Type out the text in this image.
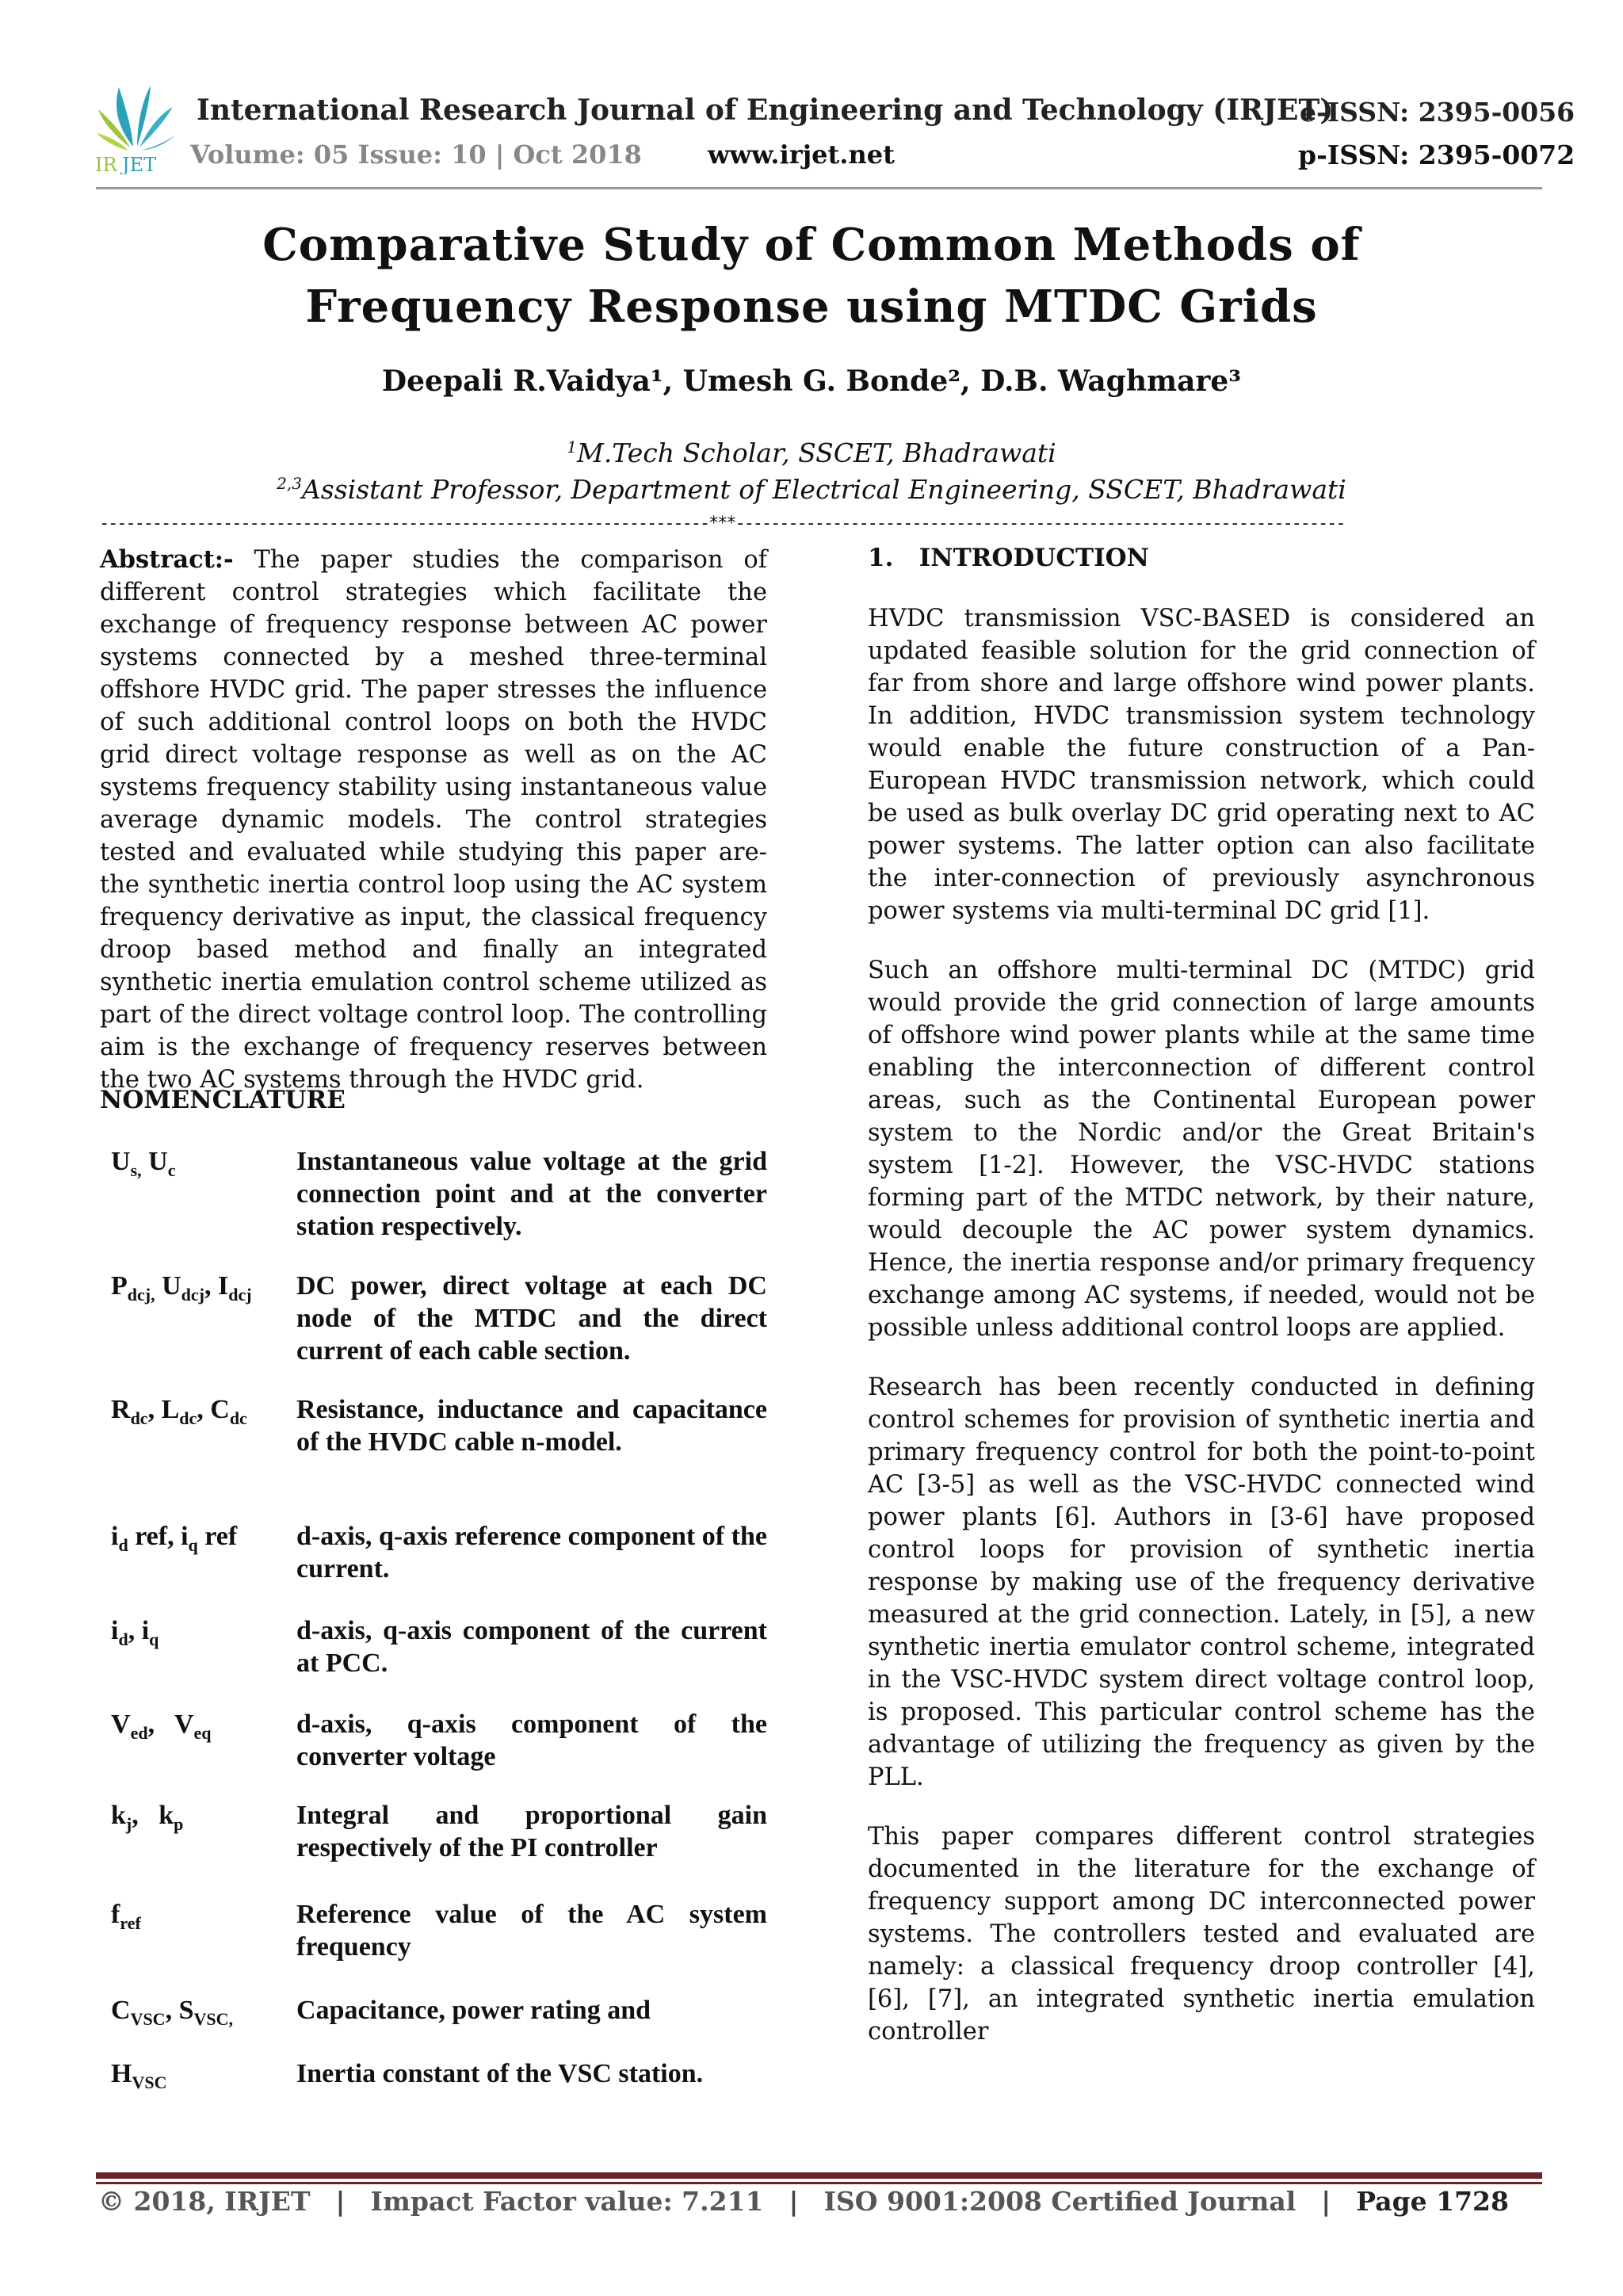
IR JET
International Research Journal of Engineering and Technology (IRJET)
e-ISSN: 2395-0056
Volume: 05 Issue: 10 | Oct 2018	www.irjet.net	p-ISSN: 2395-0072
Comparative Study of Common Methods of
Frequency Response using MTDC Grids
Deepali R.Vaidya¹, Umesh G. Bonde², D.B. Waghmare³
$^1$M.Tech Scholar, SSCET, Bhadrawati
$^{2,3}$Assistant Professor, Department of Electrical Engineering, SSCET, Bhadrawati
---------------------------------------------------------------------***---------------------------------------------------------------------

Abstract:- The paper studies the comparison of different control strategies which facilitate the exchange of frequency response between AC power systems connected by a meshed three-terminal offshore HVDC grid. The paper stresses the influence of such additional control loops on both the HVDC grid direct voltage response as well as on the AC systems frequency stability using instantaneous value average dynamic models. The control strategies tested and evaluated while studying this paper are- the synthetic inertia control loop using the AC system frequency derivative as input, the classical frequency droop based method and finally an integrated synthetic inertia emulation control scheme utilized as part of the direct voltage control loop. The controlling aim is the exchange of frequency reserves between the two AC systems through the HVDC grid.

NOMENCLATURE
$U_{s,}$ $U_c$	Instantaneous value voltage at the grid connection point and at the converter station respectively.
$P_{dcj,}$ $U_{dcj}$, $I_{dcj}$	DC power, direct voltage at each DC node of the MTDC and the direct current of each cable section.
$R_{dc}$, $L_{dc}$, $C_{dc}$	Resistance, inductance and capacitance of the HVDC cable n-model.
$i_d$ ref, $i_q$ ref	d-axis, q-axis reference component of the current.
$i_d$, $i_q$	d-axis, q-axis component of the current at PCC.
$V_{ed}$,   $V_{eq}$	d-axis, q-axis component of the converter voltage
$k_j$,   $k_p$	Integral and proportional gain respectively of the PI controller
$f_{ref}$	Reference value of the AC system frequency
$C_{VSC}$, $S_{VSC,}$	Capacitance, power rating and
$H_{VSC}$	Inertia constant of the VSC station.
1.   INTRODUCTION

HVDC transmission VSC-BASED is considered an updated feasible solution for the grid connection of far from shore and large offshore wind power plants. In addition, HVDC transmission system technology would enable the future construction of a Pan-European HVDC transmission network, which could be used as bulk overlay DC grid operating next to AC power systems. The latter option can also facilitate the inter-connection of previously asynchronous power systems via multi-terminal DC grid [1].

Such an offshore multi-terminal DC (MTDC) grid would provide the grid connection of large amounts of offshore wind power plants while at the same time enabling the interconnection of different control areas, such as the Continental European power system to the Nordic and/or the Great Britain's system [1-2]. However, the VSC-HVDC stations forming part of the MTDC network, by their nature, would decouple the AC power system dynamics. Hence, the inertia response and/or primary frequency exchange among AC systems, if needed, would not be possible unless additional control loops are applied.

Research has been recently conducted in defining control schemes for provision of synthetic inertia and primary frequency control for both the point-to-point AC [3-5] as well as the VSC-HVDC connected wind power plants [6]. Authors in [3-6] have proposed control loops for provision of synthetic inertia response by making use of the frequency derivative measured at the grid connection. Lately, in [5], a new synthetic inertia emulator control scheme, integrated in the VSC-HVDC system direct voltage control loop, is proposed. This particular control scheme has the advantage of utilizing the frequency as given by the PLL.

This paper compares different control strategies documented in the literature for the exchange of frequency support among DC interconnected power systems. The controllers tested and evaluated are namely: a classical frequency droop controller [4], [6], [7], an integrated synthetic inertia emulation controller

© 2018, IRJET | Impact Factor value: 7.211 | ISO 9001:2008 Certified Journal | Page 1728
